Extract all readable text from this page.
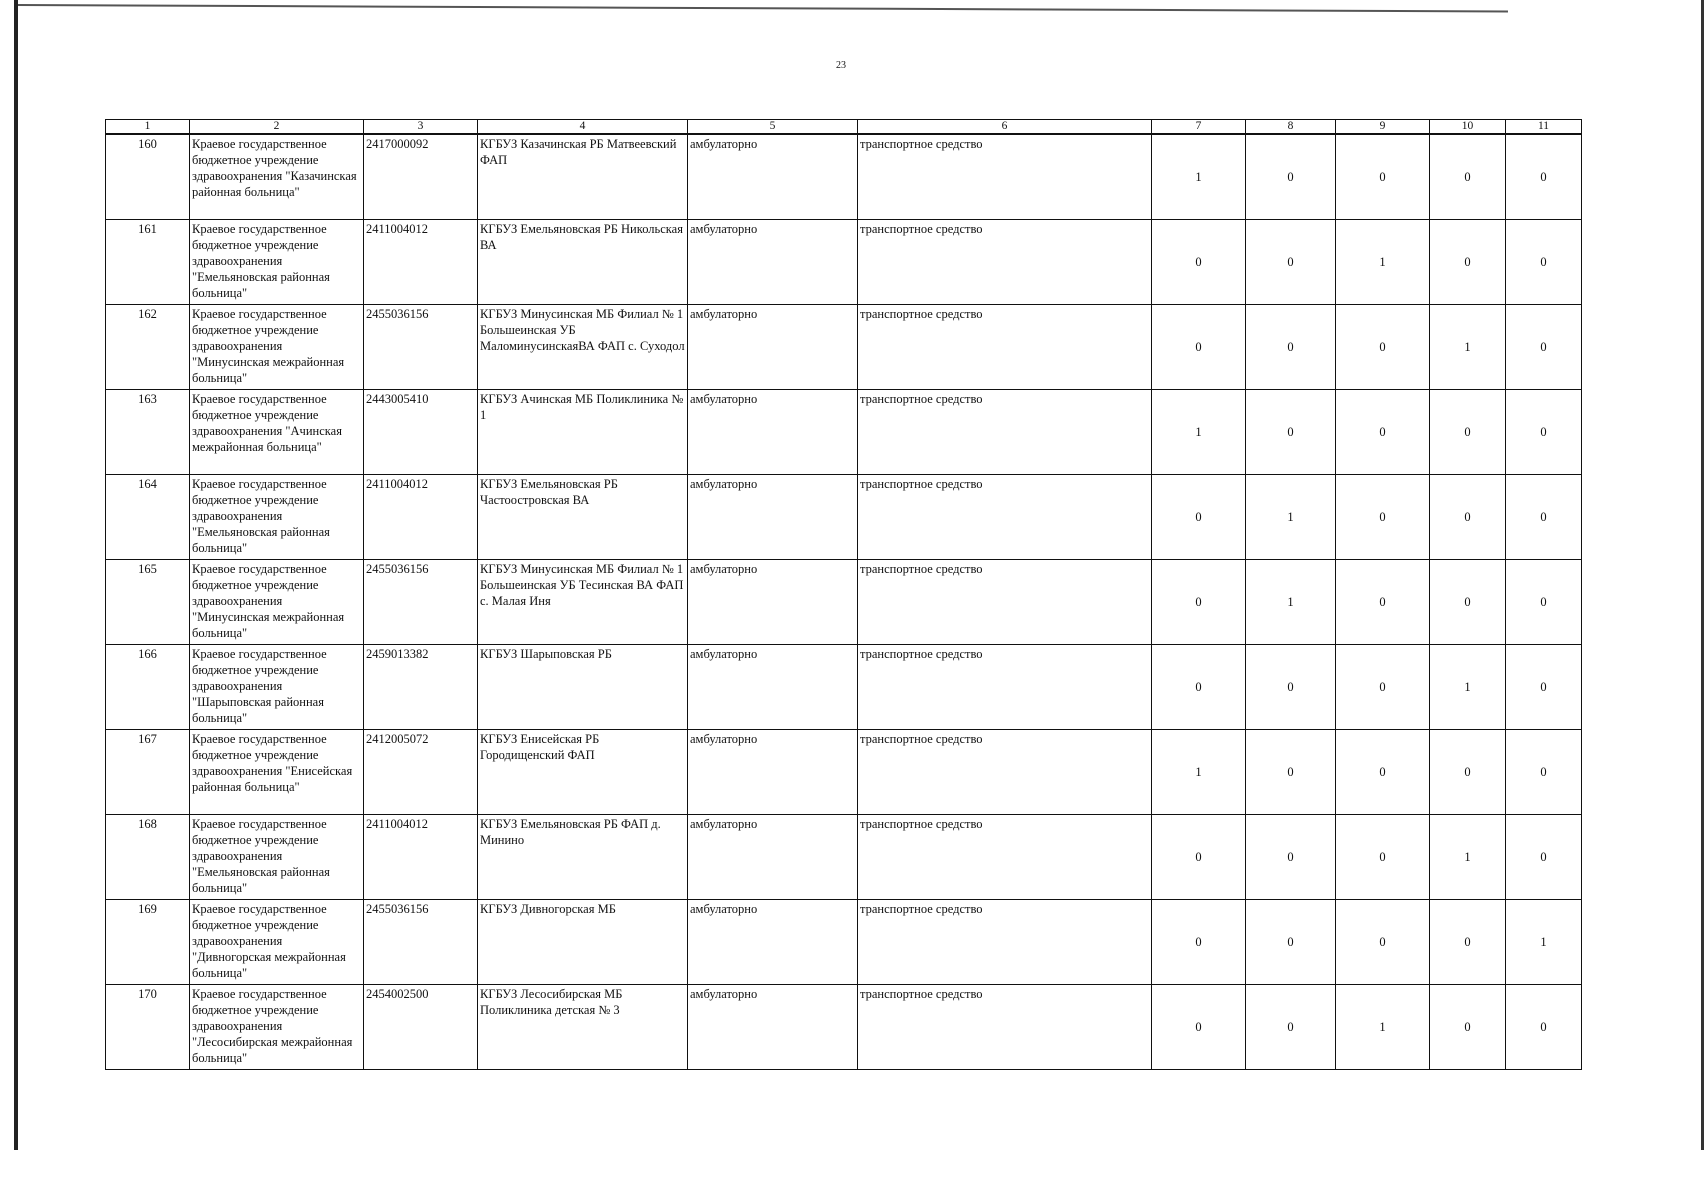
23
1	2	3	4	5	6	7	8	9	10	11
160	Краевое государственное бюджетное учреждение здравоохранения "Казачинская районная больница"	2417000092	КГБУЗ Казачинская РБ Матвеевский ФАП	амбулаторно	транспортное средство	1	0	0	0	0
161	Краевое государственное бюджетное учреждение здравоохранения "Емельяновская районная больница"	2411004012	КГБУЗ Емельяновская РБ Никольская ВА	амбулаторно	транспортное средство	0	0	1	0	0
162	Краевое государственное бюджетное учреждение здравоохранения "Минусинская межрайонная больница"	2455036156	КГБУЗ Минусинская МБ Филиал № 1 Большеинская УБ МаломинусинскаяВА ФАП с. Суходол	амбулаторно	транспортное средство	0	0	0	1	0
163	Краевое государственное бюджетное учреждение здравоохранения "Ачинская межрайонная больница"	2443005410	КГБУЗ Ачинская МБ Поликлиника № 1	амбулаторно	транспортное средство	1	0	0	0	0
164	Краевое государственное бюджетное учреждение здравоохранения "Емельяновская районная больница"	2411004012	КГБУЗ Емельяновская РБ Частоостровская ВА	амбулаторно	транспортное средство	0	1	0	0	0
165	Краевое государственное бюджетное учреждение здравоохранения "Минусинская межрайонная больница"	2455036156	КГБУЗ Минусинская МБ Филиал № 1 Большеинская УБ Тесинская ВА ФАП с. Малая Иня	амбулаторно	транспортное средство	0	1	0	0	0
166	Краевое государственное бюджетное учреждение здравоохранения "Шарыповская районная больница"	2459013382	КГБУЗ Шарыповская РБ	амбулаторно	транспортное средство	0	0	0	1	0
167	Краевое государственное бюджетное учреждение здравоохранения "Енисейская районная больница"	2412005072	КГБУЗ Енисейская РБ Городищенский ФАП	амбулаторно	транспортное средство	1	0	0	0	0
168	Краевое государственное бюджетное учреждение здравоохранения "Емельяновская районная больница"	2411004012	КГБУЗ Емельяновская РБ ФАП д. Минино	амбулаторно	транспортное средство	0	0	0	1	0
169	Краевое государственное бюджетное учреждение здравоохранения "Дивногорская межрайонная больница"	2455036156	КГБУЗ Дивногорская МБ	амбулаторно	транспортное средство	0	0	0	0	1
170	Краевое государственное бюджетное учреждение здравоохранения "Лесосибирская межрайонная больница"	2454002500	КГБУЗ Лесосибирская МБ Поликлиника детская № 3	амбулаторно	транспортное средство	0	0	1	0	0
